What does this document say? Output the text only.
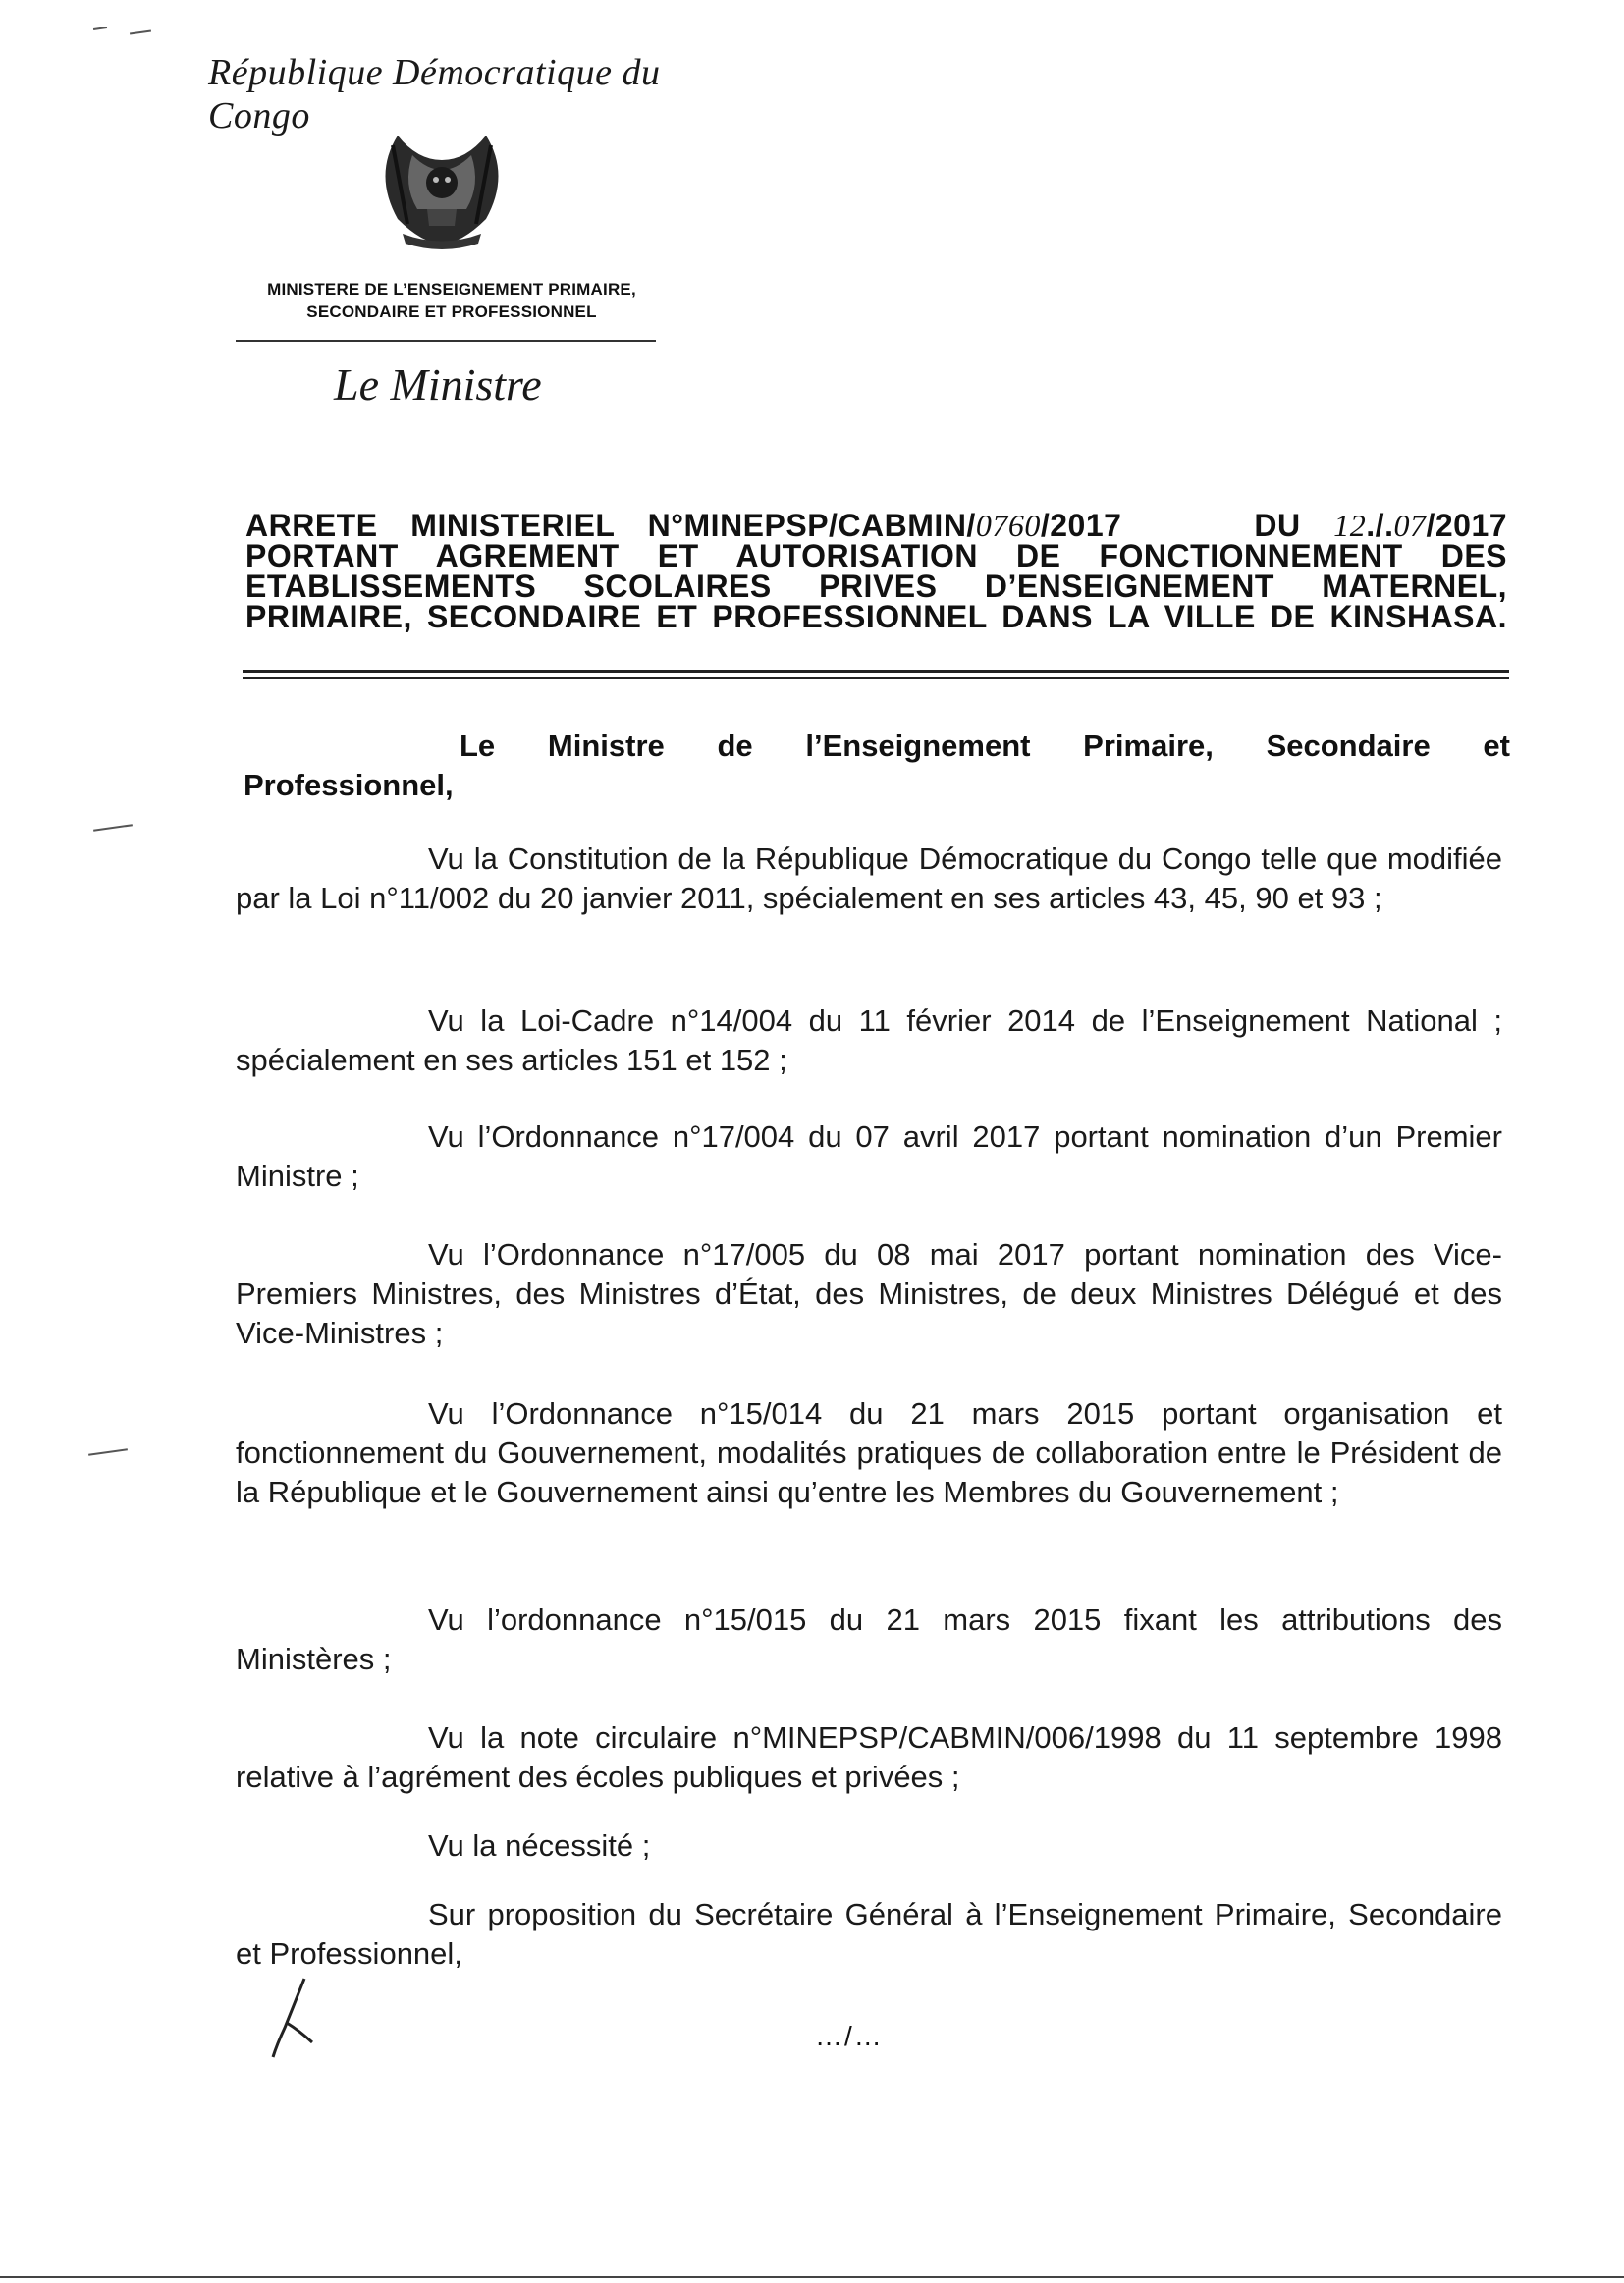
République Démocratique du Congo
MINISTERE DE L’ENSEIGNEMENT PRIMAIRE,
SECONDAIRE ET PROFESSIONNEL
Le Ministre
ARRETE MINISTERIEL N°MINEPSP/CABMIN/0760/2017	DU 12./.07/2017
PORTANT AGREMENT ET AUTORISATION DE FONCTIONNEMENT DES
ETABLISSEMENTS SCOLAIRES PRIVES D’ENSEIGNEMENT MATERNEL,
PRIMAIRE, SECONDAIRE ET PROFESSIONNEL DANS LA VILLE DE KINSHASA.
Le Ministre de l’Enseignement Primaire, Secondaire et
Professionnel,
Vu la Constitution de la République Démocratique du Congo telle que modifiée par la Loi n°11/002 du 20 janvier 2011, spécialement en ses articles 43, 45, 90 et 93 ;
Vu la Loi-Cadre n°14/004 du 11 février 2014 de l’Enseignement National ; spécialement en ses articles 151 et 152 ;
Vu l’Ordonnance n°17/004 du 07 avril 2017 portant nomination d’un Premier Ministre ;
Vu l’Ordonnance n°17/005 du 08 mai 2017 portant nomination des Vice-Premiers Ministres, des Ministres d’État, des Ministres, de deux Ministres Délégué et des Vice-Ministres ;
Vu l’Ordonnance n°15/014 du 21 mars 2015 portant organisation et fonctionnement du Gouvernement, modalités pratiques de collaboration entre le Président de la République et le Gouvernement ainsi qu’entre les Membres du Gouvernement ;
Vu l’ordonnance n°15/015 du 21 mars 2015 fixant les attributions des Ministères ;
Vu la note circulaire n°MINEPSP/CABMIN/006/1998 du 11 septembre 1998 relative à l’agrément des écoles publiques et privées ;
Vu la nécessité ;
Sur proposition du Secrétaire Général à l’Enseignement Primaire, Secondaire et Professionnel,
…/…
